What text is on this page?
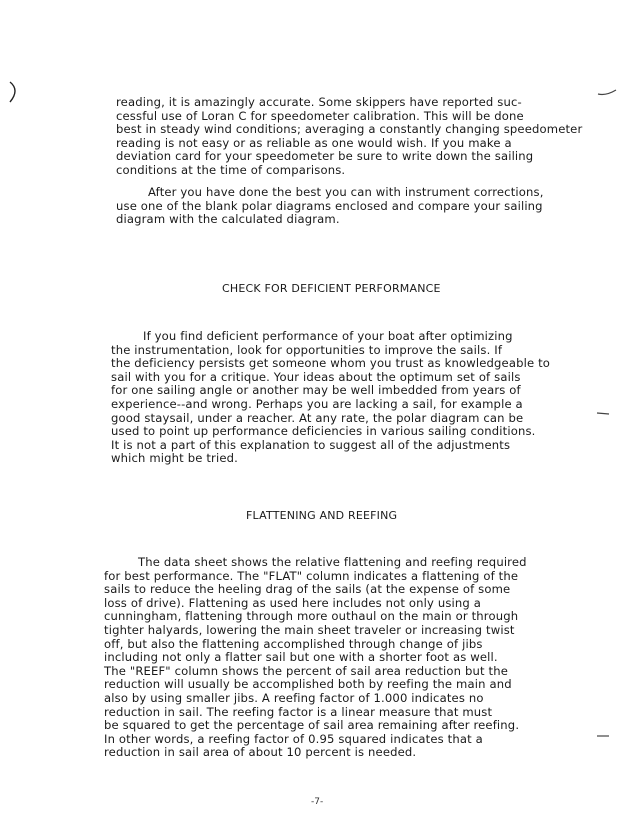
reading, it is amazingly accurate. Some skippers have reported suc-
cessful use of Loran C for speedometer calibration. This will be done
best in steady wind conditions; averaging a constantly changing speedometer
reading is not easy or as reliable as one would wish. If you make a
deviation card for your speedometer be sure to write down the sailing
conditions at the time of comparisons.
After you have done the best you can with instrument corrections,
use one of the blank polar diagrams enclosed and compare your sailing
diagram with the calculated diagram.
CHECK FOR DEFICIENT PERFORMANCE
If you find deficient performance of your boat after optimizing
the instrumentation, look for opportunities to improve the sails. If
the deficiency persists get someone whom you trust as knowledgeable to
sail with you for a critique. Your ideas about the optimum set of sails
for one sailing angle or another may be well imbedded from years of
experience--and wrong. Perhaps you are lacking a sail, for example a
good staysail, under a reacher. At any rate, the polar diagram can be
used to point up performance deficiencies in various sailing conditions.
It is not a part of this explanation to suggest all of the adjustments
which might be tried.
FLATTENING AND REEFING
The data sheet shows the relative flattening and reefing required
for best performance. The "FLAT" column indicates a flattening of the
sails to reduce the heeling drag of the sails (at the expense of some
loss of drive). Flattening as used here includes not only using a
cunningham, flattening through more outhaul on the main or through
tighter halyards, lowering the main sheet traveler or increasing twist
off, but also the flattening accomplished through change of jibs
including not only a flatter sail but one with a shorter foot as well.
The "REEF" column shows the percent of sail area reduction but the
reduction will usually be accomplished both by reefing the main and
also by using smaller jibs. A reefing factor of 1.000 indicates no
reduction in sail. The reefing factor is a linear measure that must
be squared to get the percentage of sail area remaining after reefing.
In other words, a reefing factor of 0.95 squared indicates that a
reduction in sail area of about 10 percent is needed.
-7-
